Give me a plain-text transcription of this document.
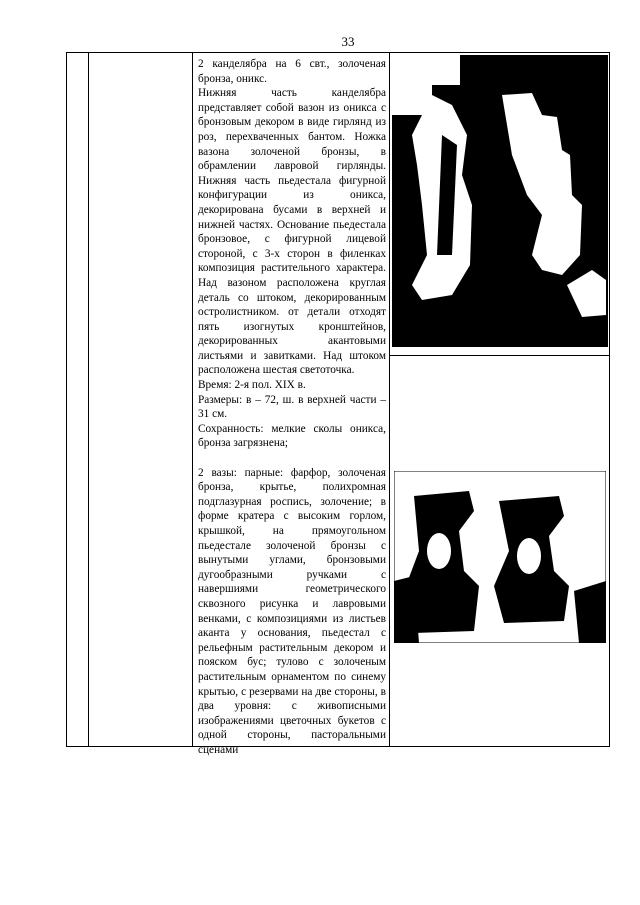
33

2 канделябра на 6 свт., золоченая бронза, оникс.

Нижняя часть канделябра представляет собой вазон из оникса с бронзовым декором в виде гирлянд из роз, перехваченных бантом. Ножка вазона золоченой бронзы, в обрамлении лавровой гирлянды. Нижняя часть пьедестала фигурной конфигурации из оникса, декорирована бусами в верхней и нижней частях. Основание пьедестала бронзовое, с фигурной лицевой стороной, с 3-х сторон в филенках композиция растительного характера. Над вазоном расположена круглая деталь со штоком, декорированным остролистником. от детали отходят пять изогнутых кронштейнов, декорированных акантовыми листьями и завитками. Над штоком расположена шестая светоточка.

Время: 2-я пол. XIX в.

Размеры: в – 72, ш. в верхней части – 31 см.

Сохранность: мелкие сколы оникса, бронза загрязнена;

2 вазы: парные: фарфор, золоченая бронза, крытье, полихромная подглазурная роспись, золочение; в форме кратера с высоким горлом, крышкой, на прямоугольном пьедестале золоченой бронзы с вынутыми углами, бронзовыми дугообразными ручками с навершиями геометрического сквозного рисунка и лавровыми венками, с композициями из листьев аканта у основания, пьедестал с рельефным растительным декором и пояском бус; тулово с золоченым растительным орнаментом по синему крытью, с резервами на две стороны, в два уровня: с живописными изображениями цветочных букетов с одной стороны, пасторальными сценами
